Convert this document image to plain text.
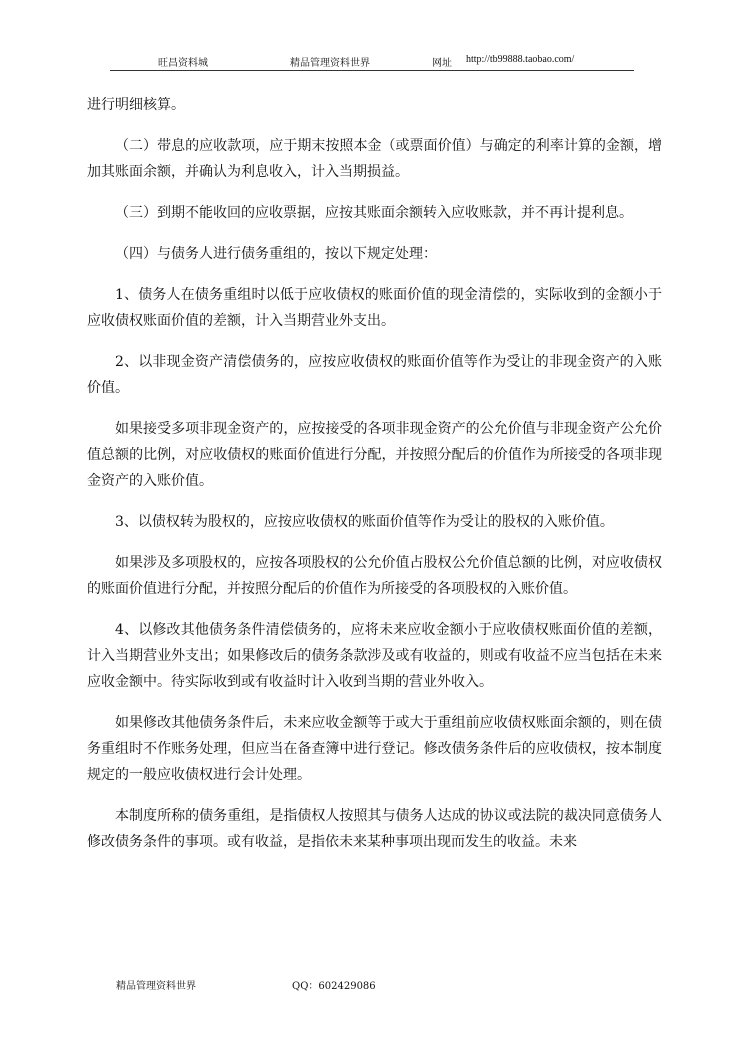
旺昌资料城	精品管理资料世界	网址 http://tb99888.taobao.com/

进行明细核算。

（二）带息的应收款项，应于期末按照本金（或票面价值）与确定的利率计算的金额，增加其账面余额，并确认为利息收入，计入当期损益。

（三）到期不能收回的应收票据，应按其账面余额转入应收账款，并不再计提利息。

（四）与债务人进行债务重组的，按以下规定处理：

1、债务人在债务重组时以低于应收债权的账面价值的现金清偿的，实际收到的金额小于应收债权账面价值的差额，计入当期营业外支出。

2、以非现金资产清偿债务的，应按应收债权的账面价值等作为受让的非现金资产的入账价值。

如果接受多项非现金资产的，应按接受的各项非现金资产的公允价值与非现金资产公允价值总额的比例，对应收债权的账面价值进行分配，并按照分配后的价值作为所接受的各项非现金资产的入账价值。

3、以债权转为股权的，应按应收债权的账面价值等作为受让的股权的入账价值。

如果涉及多项股权的，应按各项股权的公允价值占股权公允价值总额的比例，对应收债权的账面价值进行分配，并按照分配后的价值作为所接受的各项股权的入账价值。

4、以修改其他债务条件清偿债务的，应将未来应收金额小于应收债权账面价值的差额，计入当期营业外支出；如果修改后的债务条款涉及或有收益的，则或有收益不应当包括在未来应收金额中。待实际收到或有收益时计入收到当期的营业外收入。

如果修改其他债务条件后，未来应收金额等于或大于重组前应收债权账面余额的，则在债务重组时不作账务处理，但应当在备查簿中进行登记。修改债务条件后的应收债权，按本制度规定的一般应收债权进行会计处理。

本制度所称的债务重组，是指债权人按照其与债务人达成的协议或法院的裁决同意债务人修改债务条件的事项。或有收益，是指依未来某种事项出现而发生的收益。未来

精品管理资料世界	QQ：602429086
